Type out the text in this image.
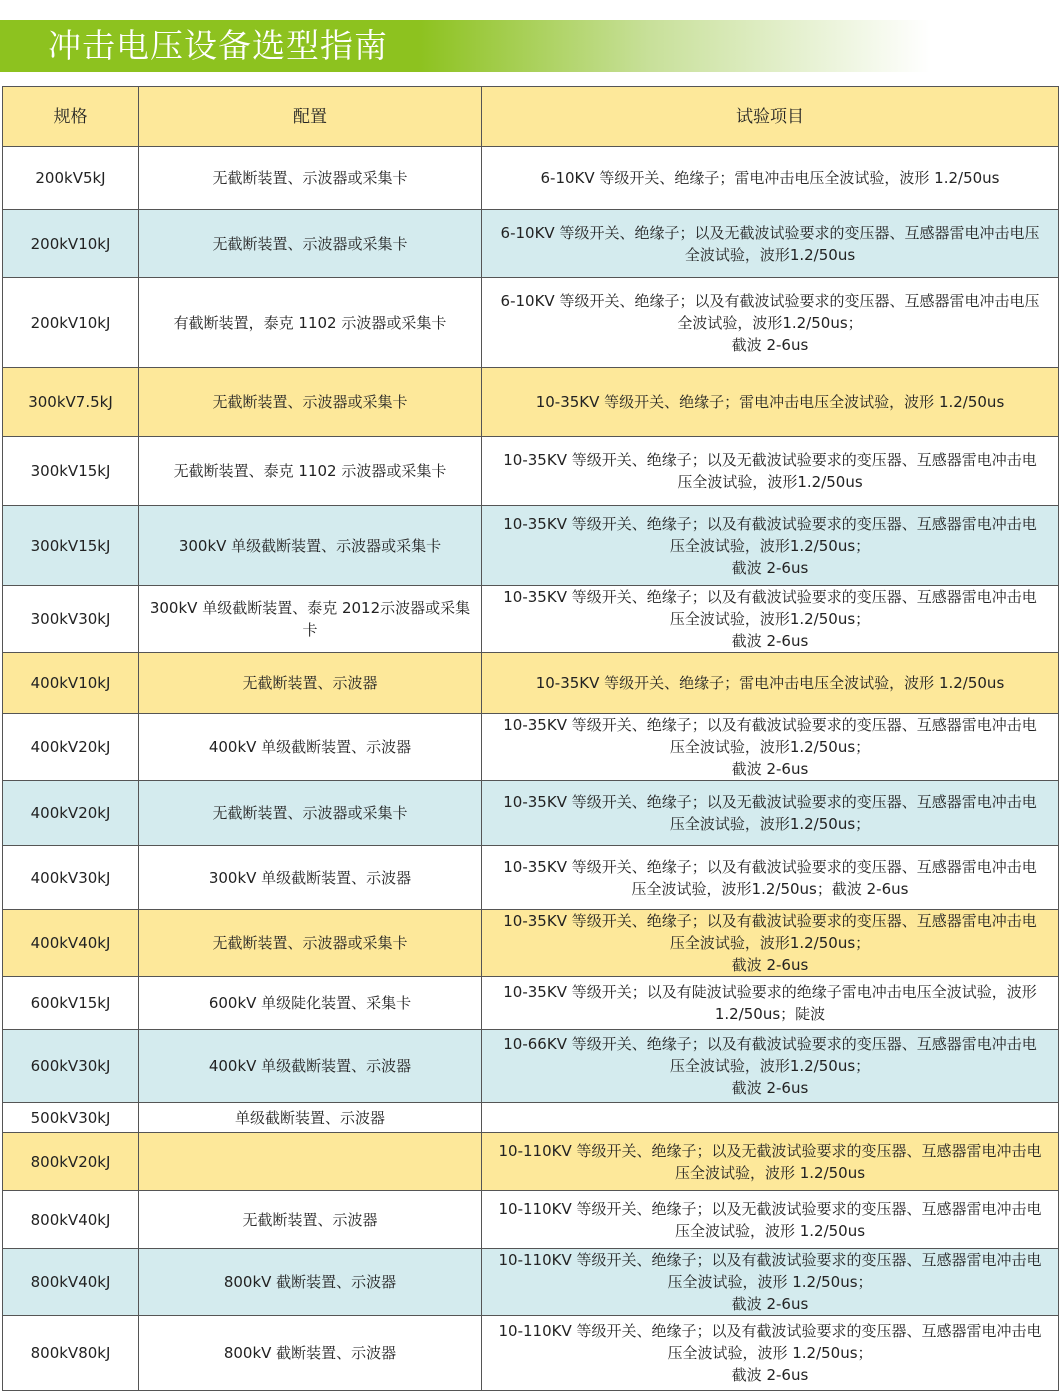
冲击电压设备选型指南
规格	配置	试验项目
200kV5kJ	无截断装置、示波器或采集卡	6-10KV 等级开关、绝缘子；雷电冲击电压全波试验，波形 1.2/50us

200kV10kJ	无截断装置、示波器或采集卡	6-10KV 等级开关、绝缘子；以及无截波试验要求的变压器、互感器雷电冲击电压
全波试验，波形1.2/50us

200kV10kJ	有截断装置，泰克 1102 示波器或采集卡	6-10KV 等级开关、绝缘子；以及有截波试验要求的变压器、互感器雷电冲击电压
全波试验，波形1.2/50us；
截波 2-6us

300kV7.5kJ	无截断装置、示波器或采集卡	10-35KV 等级开关、绝缘子；雷电冲击电压全波试验，波形 1.2/50us

300kV15kJ	无截断装置、泰克 1102 示波器或采集卡	10-35KV 等级开关、绝缘子；以及无截波试验要求的变压器、互感器雷电冲击电
压全波试验，波形1.2/50us

300kV15kJ	300kV 单级截断装置、示波器或采集卡	10-35KV 等级开关、绝缘子；以及有截波试验要求的变压器、互感器雷电冲击电
压全波试验，波形1.2/50us；
截波 2-6us

300kV30kJ	300kV 单级截断装置、泰克 2012示波器或采集
卡	10-35KV 等级开关、绝缘子；以及有截波试验要求的变压器、互感器雷电冲击电
压全波试验，波形1.2/50us；
截波 2-6us

400kV10kJ	无截断装置、示波器	10-35KV 等级开关、绝缘子；雷电冲击电压全波试验，波形 1.2/50us

400kV20kJ	400kV 单级截断装置、示波器	10-35KV 等级开关、绝缘子；以及有截波试验要求的变压器、互感器雷电冲击电
压全波试验，波形1.2/50us；
截波 2-6us

400kV20kJ	无截断装置、示波器或采集卡	10-35KV 等级开关、绝缘子；以及无截波试验要求的变压器、互感器雷电冲击电
压全波试验，波形1.2/50us；

400kV30kJ	300kV 单级截断装置、示波器	10-35KV 等级开关、绝缘子；以及有截波试验要求的变压器、互感器雷电冲击电
压全波试验，波形1.2/50us；截波 2-6us

400kV40kJ	无截断装置、示波器或采集卡	10-35KV 等级开关、绝缘子；以及有截波试验要求的变压器、互感器雷电冲击电
压全波试验，波形1.2/50us；
截波 2-6us

600kV15kJ	600kV 单级陡化装置、采集卡	10-35KV 等级开关；以及有陡波试验要求的绝缘子雷电冲击电压全波试验，波形
1.2/50us；陡波

600kV30kJ	400kV 单级截断装置、示波器	10-66KV 等级开关、绝缘子；以及有截波试验要求的变压器、互感器雷电冲击电
压全波试验，波形1.2/50us；
截波 2-6us

500kV30kJ	单级截断装置、示波器	

800kV20kJ		10-110KV 等级开关、绝缘子；以及无截波试验要求的变压器、互感器雷电冲击电
压全波试验，波形 1.2/50us

800kV40kJ	无截断装置、示波器	10-110KV 等级开关、绝缘子；以及无截波试验要求的变压器、互感器雷电冲击电
压全波试验，波形 1.2/50us

800kV40kJ	800kV 截断装置、示波器	10-110KV 等级开关、绝缘子；以及有截波试验要求的变压器、互感器雷电冲击电
压全波试验，波形 1.2/50us；
截波 2-6us

800kV80kJ	800kV 截断装置、示波器	10-110KV 等级开关、绝缘子；以及有截波试验要求的变压器、互感器雷电冲击电
压全波试验，波形 1.2/50us；
截波 2-6us
